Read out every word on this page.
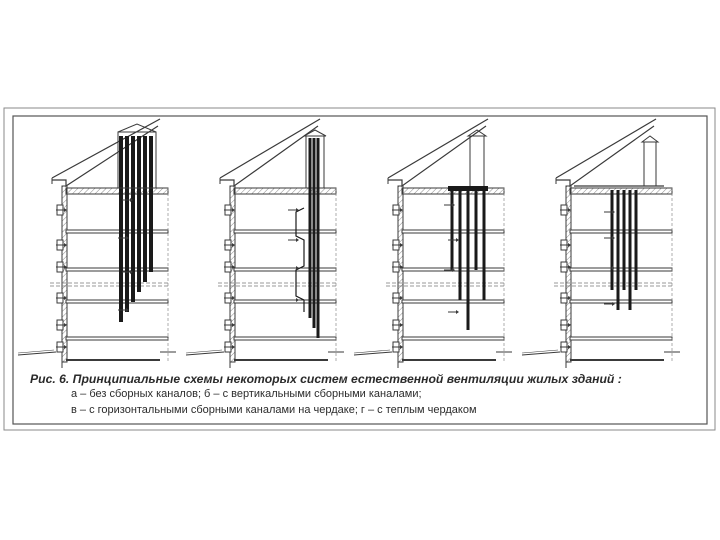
Рис. 6. Принципиальные схемы некоторых систем естественной вентиляции жилых зданий :
а – без сборных каналов; б – с вертикальными сборными каналами;
в – с горизонтальными сборными каналами на чердаке; г – с теплым чердаком
